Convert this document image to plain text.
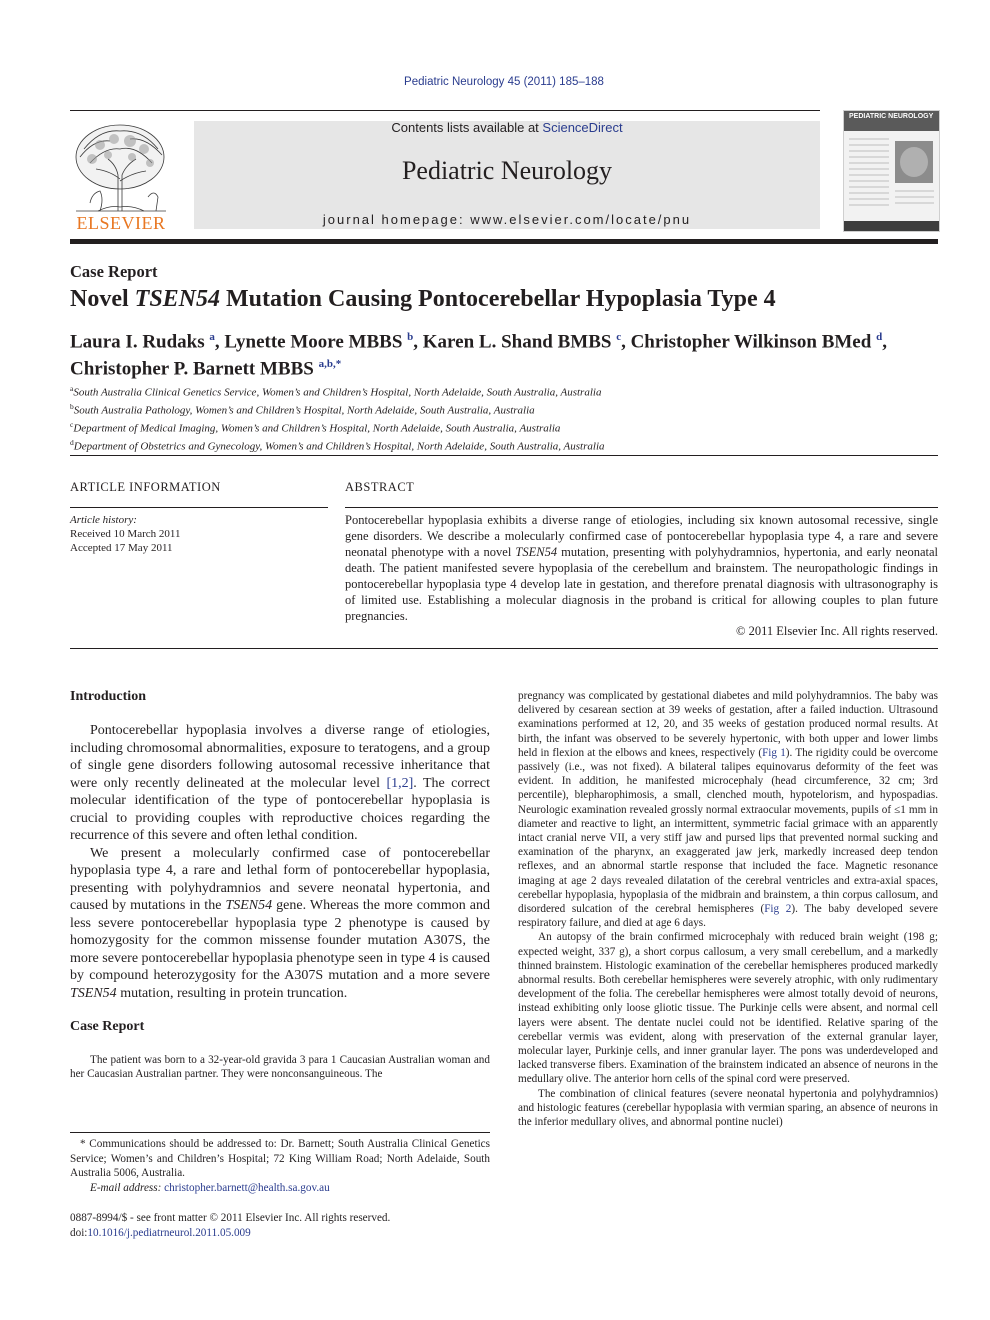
Pediatric Neurology 45 (2011) 185–188
ELSEVIER
Contents lists available at ScienceDirect
Pediatric Neurology
journal homepage: www.elsevier.com/locate/pnu
PEDIATRIC NEUROLOGY
Case Report
Novel TSEN54 Mutation Causing Pontocerebellar Hypoplasia Type 4
Laura I. Rudaks $^a$, Lynette Moore MBBS $^b$, Karen L. Shand BMBS $^c$, Christopher Wilkinson BMed $^d$,
Christopher P. Barnett MBBS $^{a,b,*}$
$^a$South Australia Clinical Genetics Service, Women’s and Children’s Hospital, North Adelaide, South Australia, Australia
$^b$South Australia Pathology, Women’s and Children’s Hospital, North Adelaide, South Australia, Australia
$^c$Department of Medical Imaging, Women’s and Children’s Hospital, North Adelaide, South Australia, Australia
$^d$Department of Obstetrics and Gynecology, Women’s and Children’s Hospital, North Adelaide, South Australia, Australia
ARTICLE INFORMATION	ABSTRACT
Article history:
Received 10 March 2011
Accepted 17 May 2011
Pontocerebellar hypoplasia exhibits a diverse range of etiologies, including six known autosomal recessive, single gene disorders. We describe a molecularly confirmed case of pontocerebellar hypoplasia type 4, a rare and severe neonatal phenotype with a novel TSEN54 mutation, presenting with polyhydramnios, hypertonia, and early neonatal death. The patient manifested severe hypoplasia of the cerebellum and brainstem. The neuropathologic findings in pontocerebellar hypoplasia type 4 develop late in gestation, and therefore prenatal diagnosis with ultrasonography is of limited use. Establishing a molecular diagnosis in the proband is critical for allowing couples to plan future pregnancies.
© 2011 Elsevier Inc. All rights reserved.
Introduction

Pontocerebellar hypoplasia involves a diverse range of etiologies, including chromosomal abnormalities, exposure to teratogens, and a group of single gene disorders following autosomal recessive inheritance that were only recently delineated at the molecular level [1,2]. The correct molecular identification of the type of pontocerebellar hypoplasia is crucial to providing couples with reproductive choices regarding the recurrence of this severe and often lethal condition.

We present a molecularly confirmed case of pontocerebellar hypoplasia type 4, a rare and lethal form of pontocerebellar hypoplasia, presenting with polyhydramnios and severe neonatal hypertonia, and caused by mutations in the TSEN54 gene. Whereas the more common and less severe pontocerebellar hypoplasia type 2 phenotype is caused by homozygosity for the common missense founder mutation A307S, the more severe pontocerebellar hypoplasia phenotype seen in type 4 is caused by compound heterozygosity for the A307S mutation and a more severe TSEN54 mutation, resulting in protein truncation.

Case Report

The patient was born to a 32-year-old gravida 3 para 1 Caucasian Australian woman and her Caucasian Australian partner. They were nonconsanguineous. The

* Communications should be addressed to: Dr. Barnett; South Australia Clinical Genetics Service; Women’s and Children’s Hospital; 72 King William Road; North Adelaide, South Australia 5006, Australia.
E-mail address: christopher.barnett@health.sa.gov.au
0887-8994/$ - see front matter © 2011 Elsevier Inc. All rights reserved.
doi:10.1016/j.pediatrneurol.2011.05.009

pregnancy was complicated by gestational diabetes and mild polyhydramnios. The baby was delivered by cesarean section at 39 weeks of gestation, after a failed induction. Ultrasound examinations performed at 12, 20, and 35 weeks of gestation produced normal results. At birth, the infant was observed to be severely hypertonic, with both upper and lower limbs held in flexion at the elbows and knees, respectively (Fig 1). The rigidity could be overcome passively (i.e., was not fixed). A bilateral talipes equinovarus deformity of the feet was evident. In addition, he manifested microcephaly (head circumference, 32 cm; 3rd percentile), blepharophimosis, a small, clenched mouth, hypotelorism, and hypospadias. Neurologic examination revealed grossly normal extraocular movements, pupils of ≤1 mm in diameter and reactive to light, an intermittent, symmetric facial grimace with an apparently intact cranial nerve VII, a very stiff jaw and pursed lips that prevented normal sucking and examination of the pharynx, an exaggerated jaw jerk, markedly increased deep tendon reflexes, and an abnormal startle response that included the face. Magnetic resonance imaging at age 2 days revealed dilatation of the cerebral ventricles and extra-axial spaces, cerebellar hypoplasia, hypoplasia of the midbrain and brainstem, a thin corpus callosum, and disordered sulcation of the cerebral hemispheres (Fig 2). The baby developed severe respiratory failure, and died at age 6 days.

An autopsy of the brain confirmed microcephaly with reduced brain weight (198 g; expected weight, 337 g), a short corpus callosum, a very small cerebellum, and a markedly thinned brainstem. Histologic examination of the cerebellar hemispheres produced markedly abnormal results. Both cerebellar hemispheres were severely atrophic, with only rudimentary development of the folia. The cerebellar hemispheres were almost totally devoid of neurons, instead exhibiting only loose gliotic tissue. The Purkinje cells were absent, and normal cell layers were absent. The dentate nuclei could not be identified. Relative sparing of the cerebellar vermis was evident, along with preservation of the external granular layer, molecular layer, Purkinje cells, and inner granular layer. The pons was underdeveloped and lacked transverse fibers. Examination of the brainstem indicated an absence of neurons in the medullary olive. The anterior horn cells of the spinal cord were preserved.

The combination of clinical features (severe neonatal hypertonia and polyhydramnios) and histologic features (cerebellar hypoplasia with vermian sparing, an absence of neurons in the inferior medullary olives, and abnormal pontine nuclei)
